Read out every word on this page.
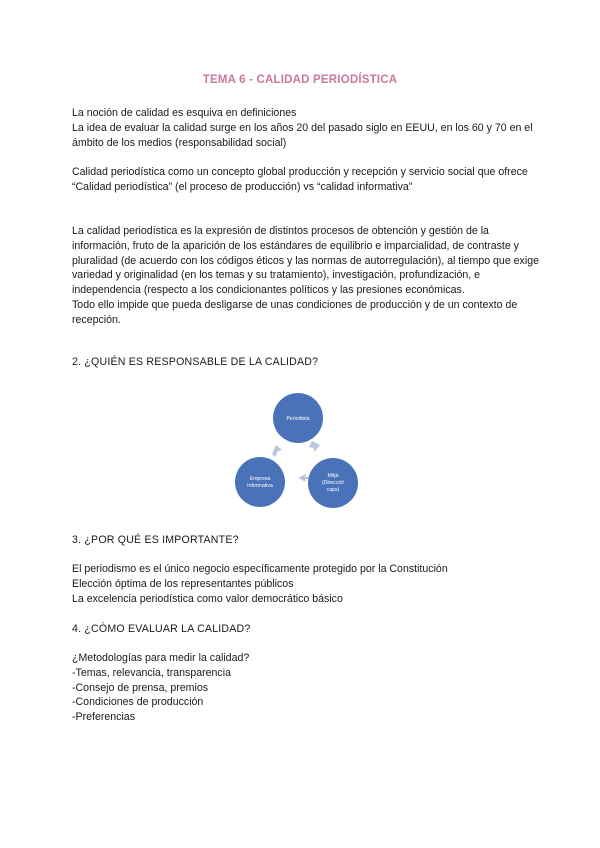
TEMA 6 - CALIDAD PERIODÍSTICA

La noción de calidad es esquiva en definiciones

La idea de evaluar la calidad surge en los años 20 del pasado siglo en EEUU, en los 60 y 70 en el ámbito de los medios (responsabilidad social)

Calidad periodística como un concepto global producción y recepción y servicio social que ofrece

“Calidad periodística” (el proceso de producción) vs “calidad informativa”

La calidad periodística es la expresión de distintos procesos de obtención y gestión de la información, fruto de la aparición de los estándares de equilibrio e imparcialidad, de contraste y pluralidad (de acuerdo con los códigos éticos y las normas de autorregulación), al tiempo que exige variedad y originalidad (en los temas y su tratamiento), investigación, profundización, e independencia (respecto a los condicionantes políticos y las presiones económicas.

Todo ello impide que pueda desligarse de unas condiciones de producción y de un contexto de recepción.

2. ¿QUIÉN ES RESPONSABLE DE LA CALIDAD?
Periodista
Mitjà
(Direcció/
caps)
Empresa
Informativa
3. ¿POR QUÉ ES IMPORTANTE?

El periodismo es el único negocio específicamente protegido por la Constitución

Elección óptima de los representantes públicos

La excelencia periodística como valor democrático básico

4. ¿CÓMO EVALUAR LA CALIDAD?

¿Metodologías para medir la calidad?

-Temas, relevancia, transparencia

-Consejo de prensa, premios

-Condiciones de producción

-Preferencias
